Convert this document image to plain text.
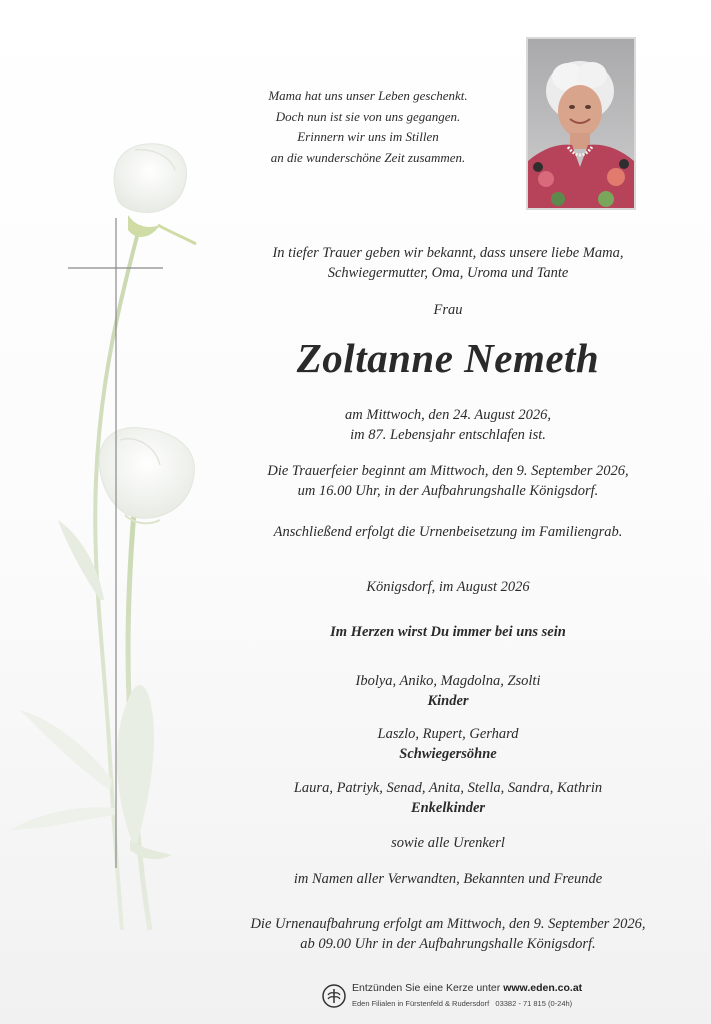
Mama hat uns unser Leben geschenkt.
Doch nun ist sie von uns gegangen.
Erinnern wir uns im Stillen
an die wunderschöne Zeit zusammen.
In tiefer Trauer geben wir bekannt, dass unsere liebe Mama,
Schwiegermutter, Oma, Uroma und Tante
Frau
Zoltanne Nemeth
am Mittwoch, den 24. August 2026,
im 87. Lebensjahr entschlafen ist.
Die Trauerfeier beginnt am Mittwoch, den 9. September 2026,
um 16.00 Uhr, in der Aufbahrungshalle Königsdorf.
Anschließend erfolgt die Urnenbeisetzung im Familiengrab.
Königsdorf, im August 2026
Im Herzen wirst Du immer bei uns sein
Ibolya, Aniko, Magdolna, Zsolti
Kinder
Laszlo, Rupert, Gerhard
Schwiegersöhne
Laura, Patriyk, Senad, Anita, Stella, Sandra, Kathrin
Enkelkinder
sowie alle Urenkerl
im Namen aller Verwandten, Bekannten und Freunde
Die Urnenaufbahrung erfolgt am Mittwoch, den 9. September 2026,
ab 09.00 Uhr in der Aufbahrungshalle Königsdorf.
Entzünden Sie eine Kerze unter www.eden.co.at
Eden Filialen in Fürstenfeld & Rudersdorf 03382 - 71 815 (0-24h)
